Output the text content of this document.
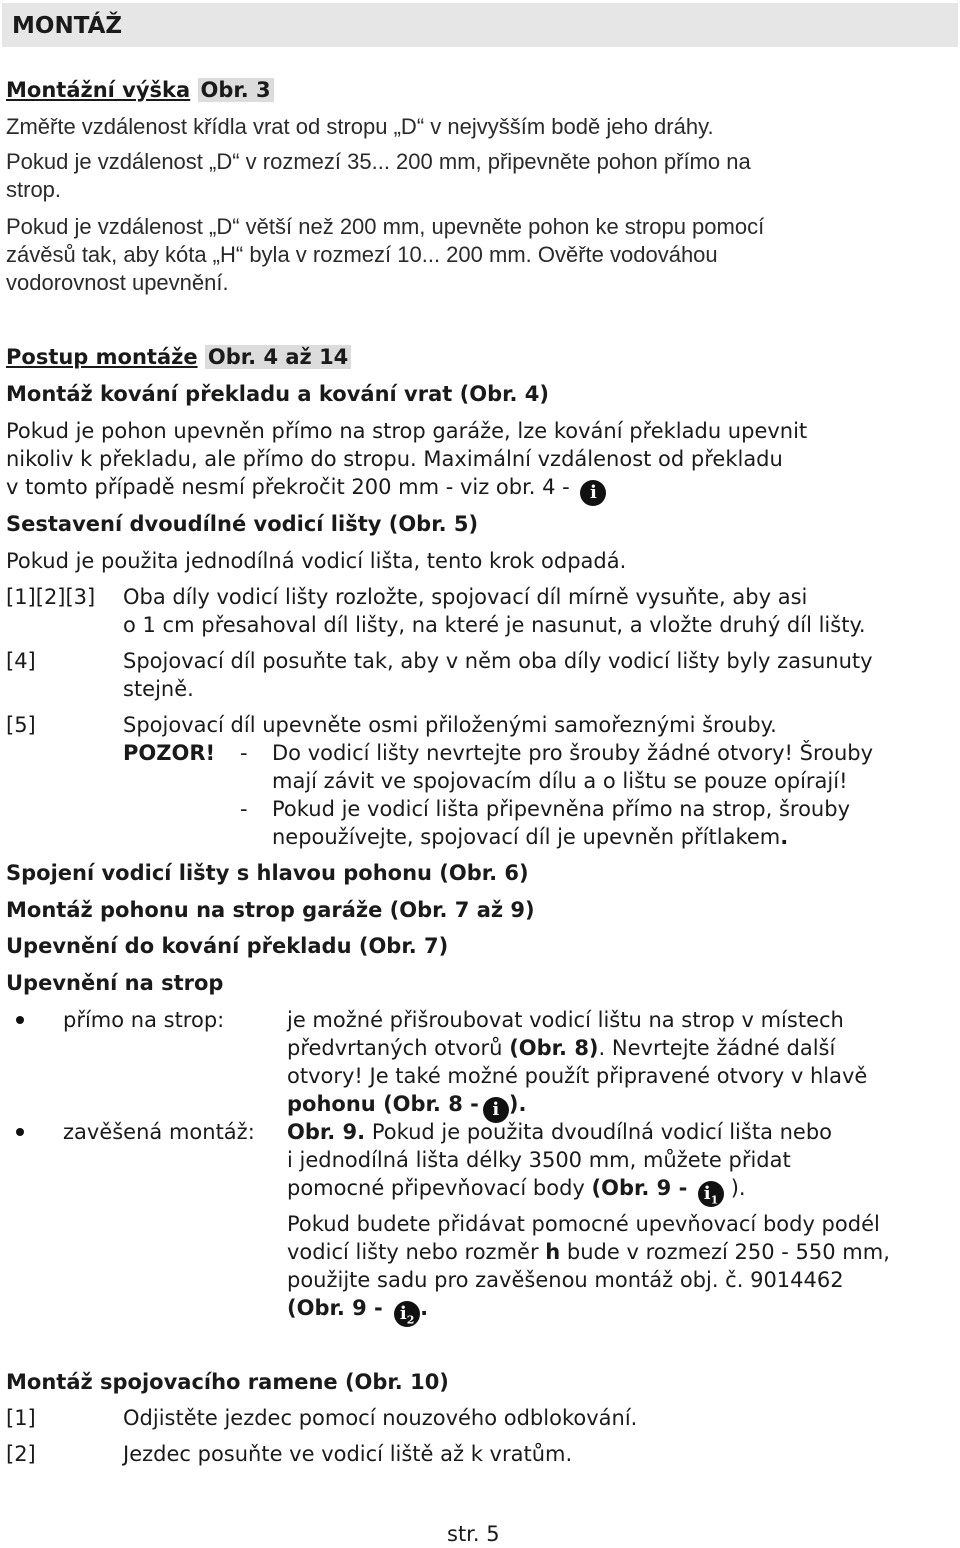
MONTÁŽ
Montážní výška Obr. 3
Změřte vzdálenost křídla vrat od stropu „D“ v nejvyšším bodě jeho dráhy.
Pokud je vzdálenost „D“ v rozmezí 35... 200 mm, připevněte pohon přímo na
strop.
Pokud je vzdálenost „D“ větší než 200 mm, upevněte pohon ke stropu pomocí
závěsů tak, aby kóta „H“ byla v rozmezí 10... 200 mm. Ověřte vodováhou
vodorovnost upevnění.
Postup montáže Obr. 4 až 14
Montáž kování překladu a kování vrat (Obr. 4)
Pokud je pohon upevněn přímo na strop garáže, lze kování překladu upevnit
nikoliv k překladu, ale přímo do stropu. Maximální vzdálenost od překladu
v tomto případě nesmí překročit 200 mm - viz obr. 4 - i
Sestavení dvoudílné vodicí lišty (Obr. 5)
Pokud je použita jednodílná vodicí lišta, tento krok odpadá.
[1][2][3] Oba díly vodicí lišty rozložte, spojovací díl mírně vysuňte, aby asi
o 1 cm přesahoval díl lišty, na které je nasunut, a vložte druhý díl lišty.
[4]	Spojovací díl posuňte tak, aby v něm oba díly vodicí lišty byly zasunuty
stejně.
[5]	Spojovací díl upevněte osmi přiloženými samořeznými šrouby.
POZOR! - Do vodicí lišty nevrtejte pro šrouby žádné otvory! Šrouby
mají závit ve spojovacím dílu a o lištu se pouze opírají!
- Pokud je vodicí lišta připevněna přímo na strop, šrouby
nepoužívejte, spojovací díl je upevněn přítlakem.
Spojení vodicí lišty s hlavou pohonu (Obr. 6)
Montáž pohonu na strop garáže (Obr. 7 až 9)
Upevnění do kování překladu (Obr. 7)
Upevnění na strop
přímo na strop:	je možné přišroubovat vodicí lištu na strop v místech
předvrtaných otvorů (Obr. 8). Nevrtejte žádné další
otvory! Je také možné použít připravené otvory v hlavě
pohonu (Obr. 8 - i ).
zavěšená montáž: Obr. 9. Pokud je použita dvoudílná vodicí lišta nebo
i jednodílná lišta délky 3500 mm, můžete přidat
pomocné připevňovací body (Obr. $9 - i_1$ ).
Pokud budete přidávat pomocné upevňovací body podél
vodicí lišty nebo rozměr h bude v rozmezí 250 - 550 mm,
použijte sadu pro zavěšenou montáž obj. č. 9014462
(Obr. $9 - i_2$.
Montáž spojovacího ramene (Obr. 10)
[1]	Odjistěte jezdec pomocí nouzového odblokování.
[2]	Jezdec posuňte ve vodicí liště až k vratům.
str. 5
